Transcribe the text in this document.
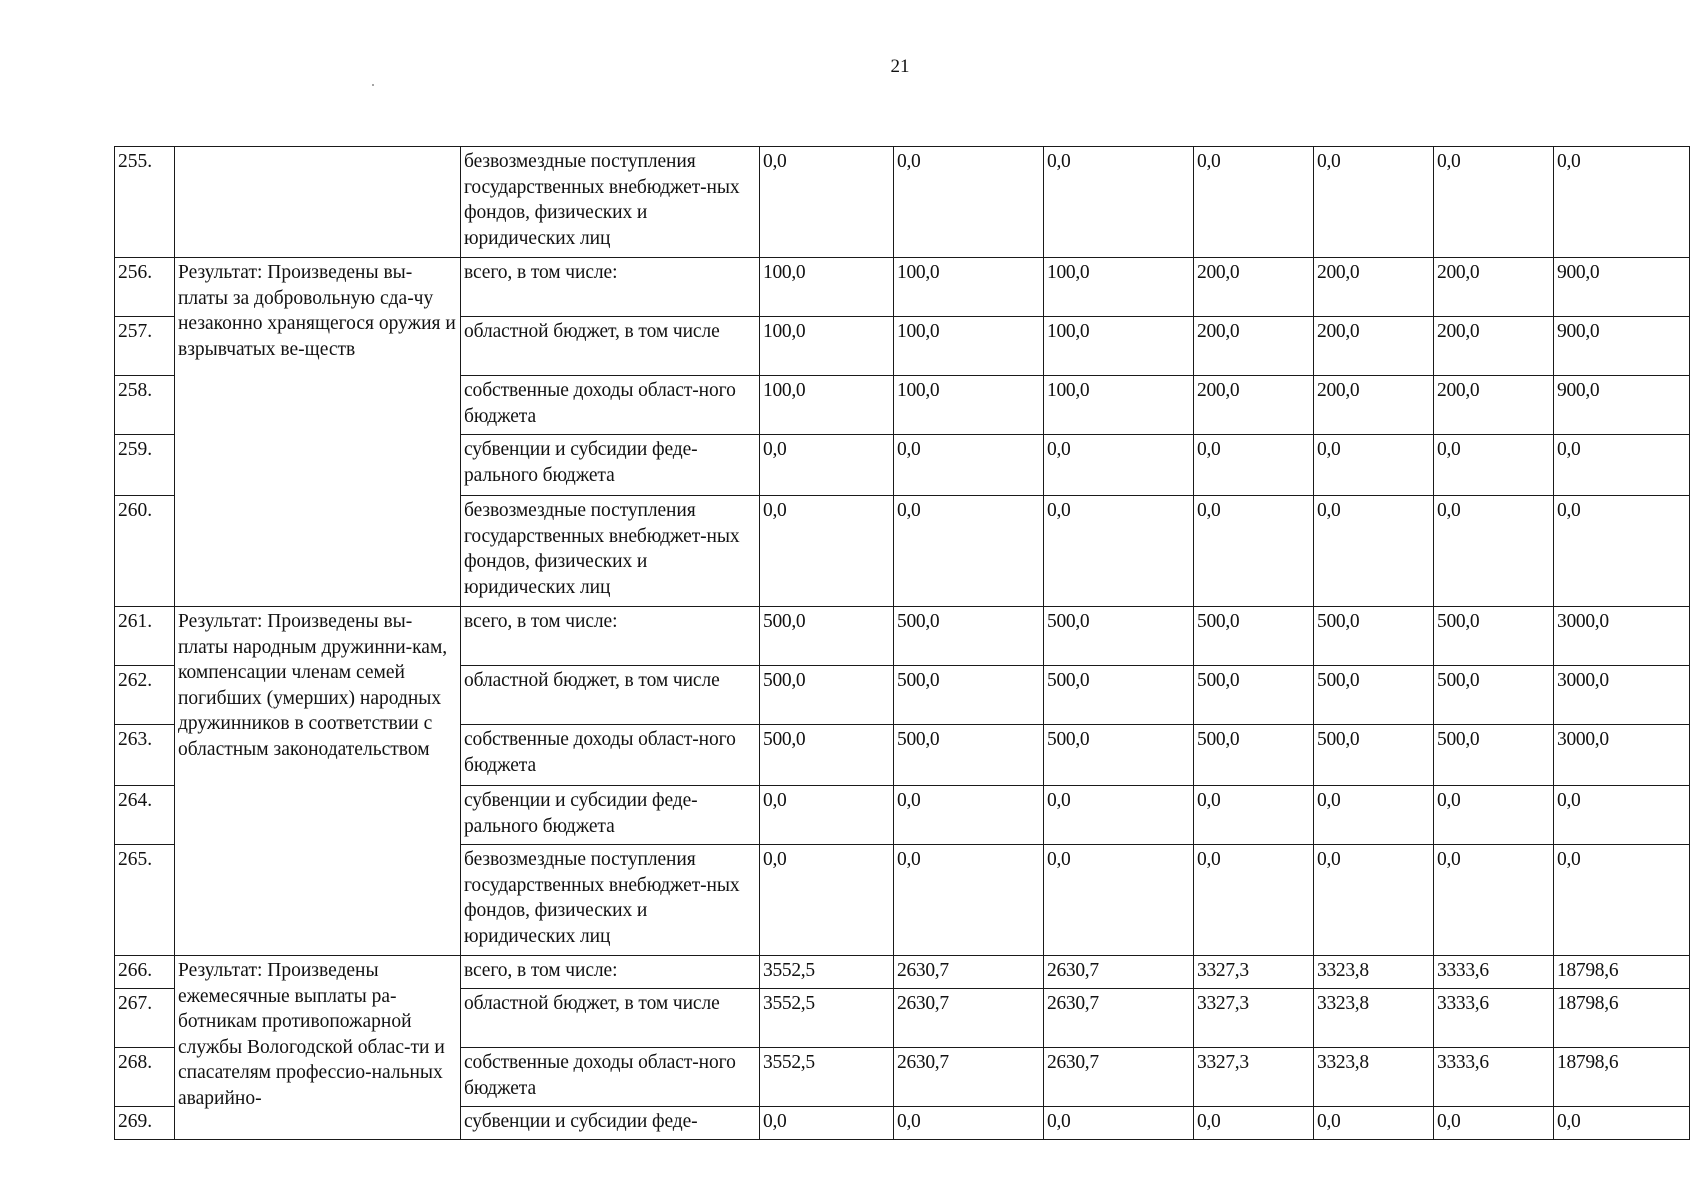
21
255.		безвозмездные поступления государственных внебюджет-ных фондов, физических и юридических лиц	0,0	0,0	0,0	0,0	0,0	0,0	0,0
256.	Результат: Произведены вы-платы за добровольную сда-чу незаконно хранящегося оружия и взрывчатых ве-ществ	всего, в том числе:	100,0	100,0	100,0	200,0	200,0	200,0	900,0
257.		областной бюджет, в том числе	100,0	100,0	100,0	200,0	200,0	200,0	900,0
258.		собственные доходы област-ного бюджета	100,0	100,0	100,0	200,0	200,0	200,0	900,0
259.		субвенции и субсидии феде-рального бюджета	0,0	0,0	0,0	0,0	0,0	0,0	0,0
260.		безвозмездные поступления государственных внебюджет-ных фондов, физических и юридических лиц	0,0	0,0	0,0	0,0	0,0	0,0	0,0
261.	Результат: Произведены вы-платы народным дружинни-кам, компенсации членам семей погибших (умерших) народных дружинников в соответствии с областным законодательством	всего, в том числе:	500,0	500,0	500,0	500,0	500,0	500,0	3000,0
262.		областной бюджет, в том числе	500,0	500,0	500,0	500,0	500,0	500,0	3000,0
263.		собственные доходы област-ного бюджета	500,0	500,0	500,0	500,0	500,0	500,0	3000,0
264.		субвенции и субсидии феде-рального бюджета	0,0	0,0	0,0	0,0	0,0	0,0	0,0
265.		безвозмездные поступления государственных внебюджет-ных фондов, физических и юридических лиц	0,0	0,0	0,0	0,0	0,0	0,0	0,0
266.	Результат: Произведены ежемесячные выплаты ра-ботникам противопожарной службы Вологодской облас-ти и спасателям профессио-нальных аварийно-	всего, в том числе:	3552,5	2630,7	2630,7	3327,3	3323,8	3333,6	18798,6
267.		областной бюджет, в том числе	3552,5	2630,7	2630,7	3327,3	3323,8	3333,6	18798,6
268.		собственные доходы област-ного бюджета	3552,5	2630,7	2630,7	3327,3	3323,8	3333,6	18798,6
269.		субвенции и субсидии феде-	0,0	0,0	0,0	0,0	0,0	0,0	0,0
